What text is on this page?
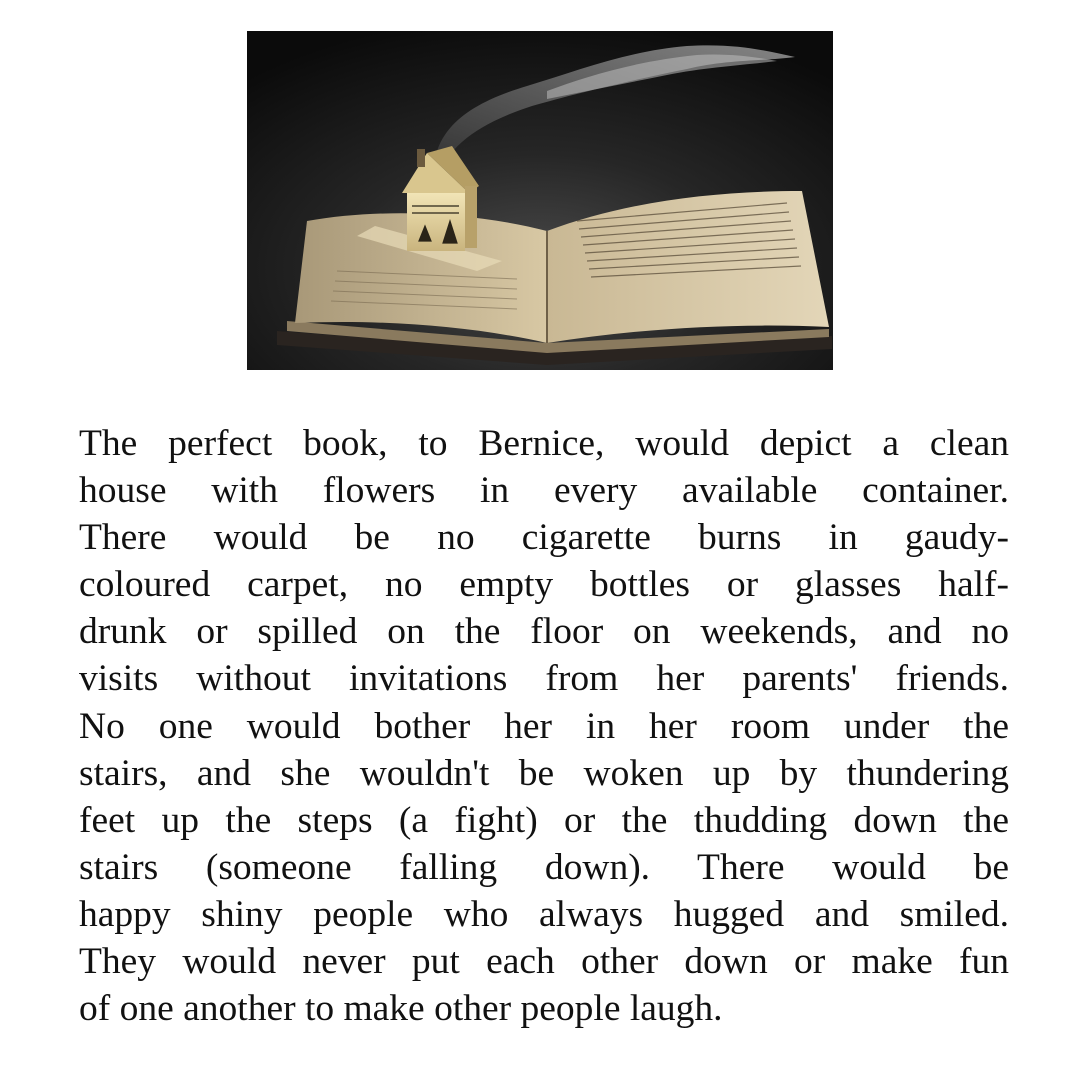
The perfect book, to Bernice, would depict a clean
house with flowers in every available container.
There would be no cigarette burns in gaudy-
coloured carpet, no empty bottles or glasses half-
drunk or spilled on the floor on weekends, and no
visits without invitations from her parents' friends.
No one would bother her in her room under the
stairs, and she wouldn't be woken up by thundering
feet up the steps (a fight) or the thudding down the
stairs (someone falling down). There would be
happy shiny people who always hugged and smiled.
They would never put each other down or make fun
of one another to make other people laugh.
